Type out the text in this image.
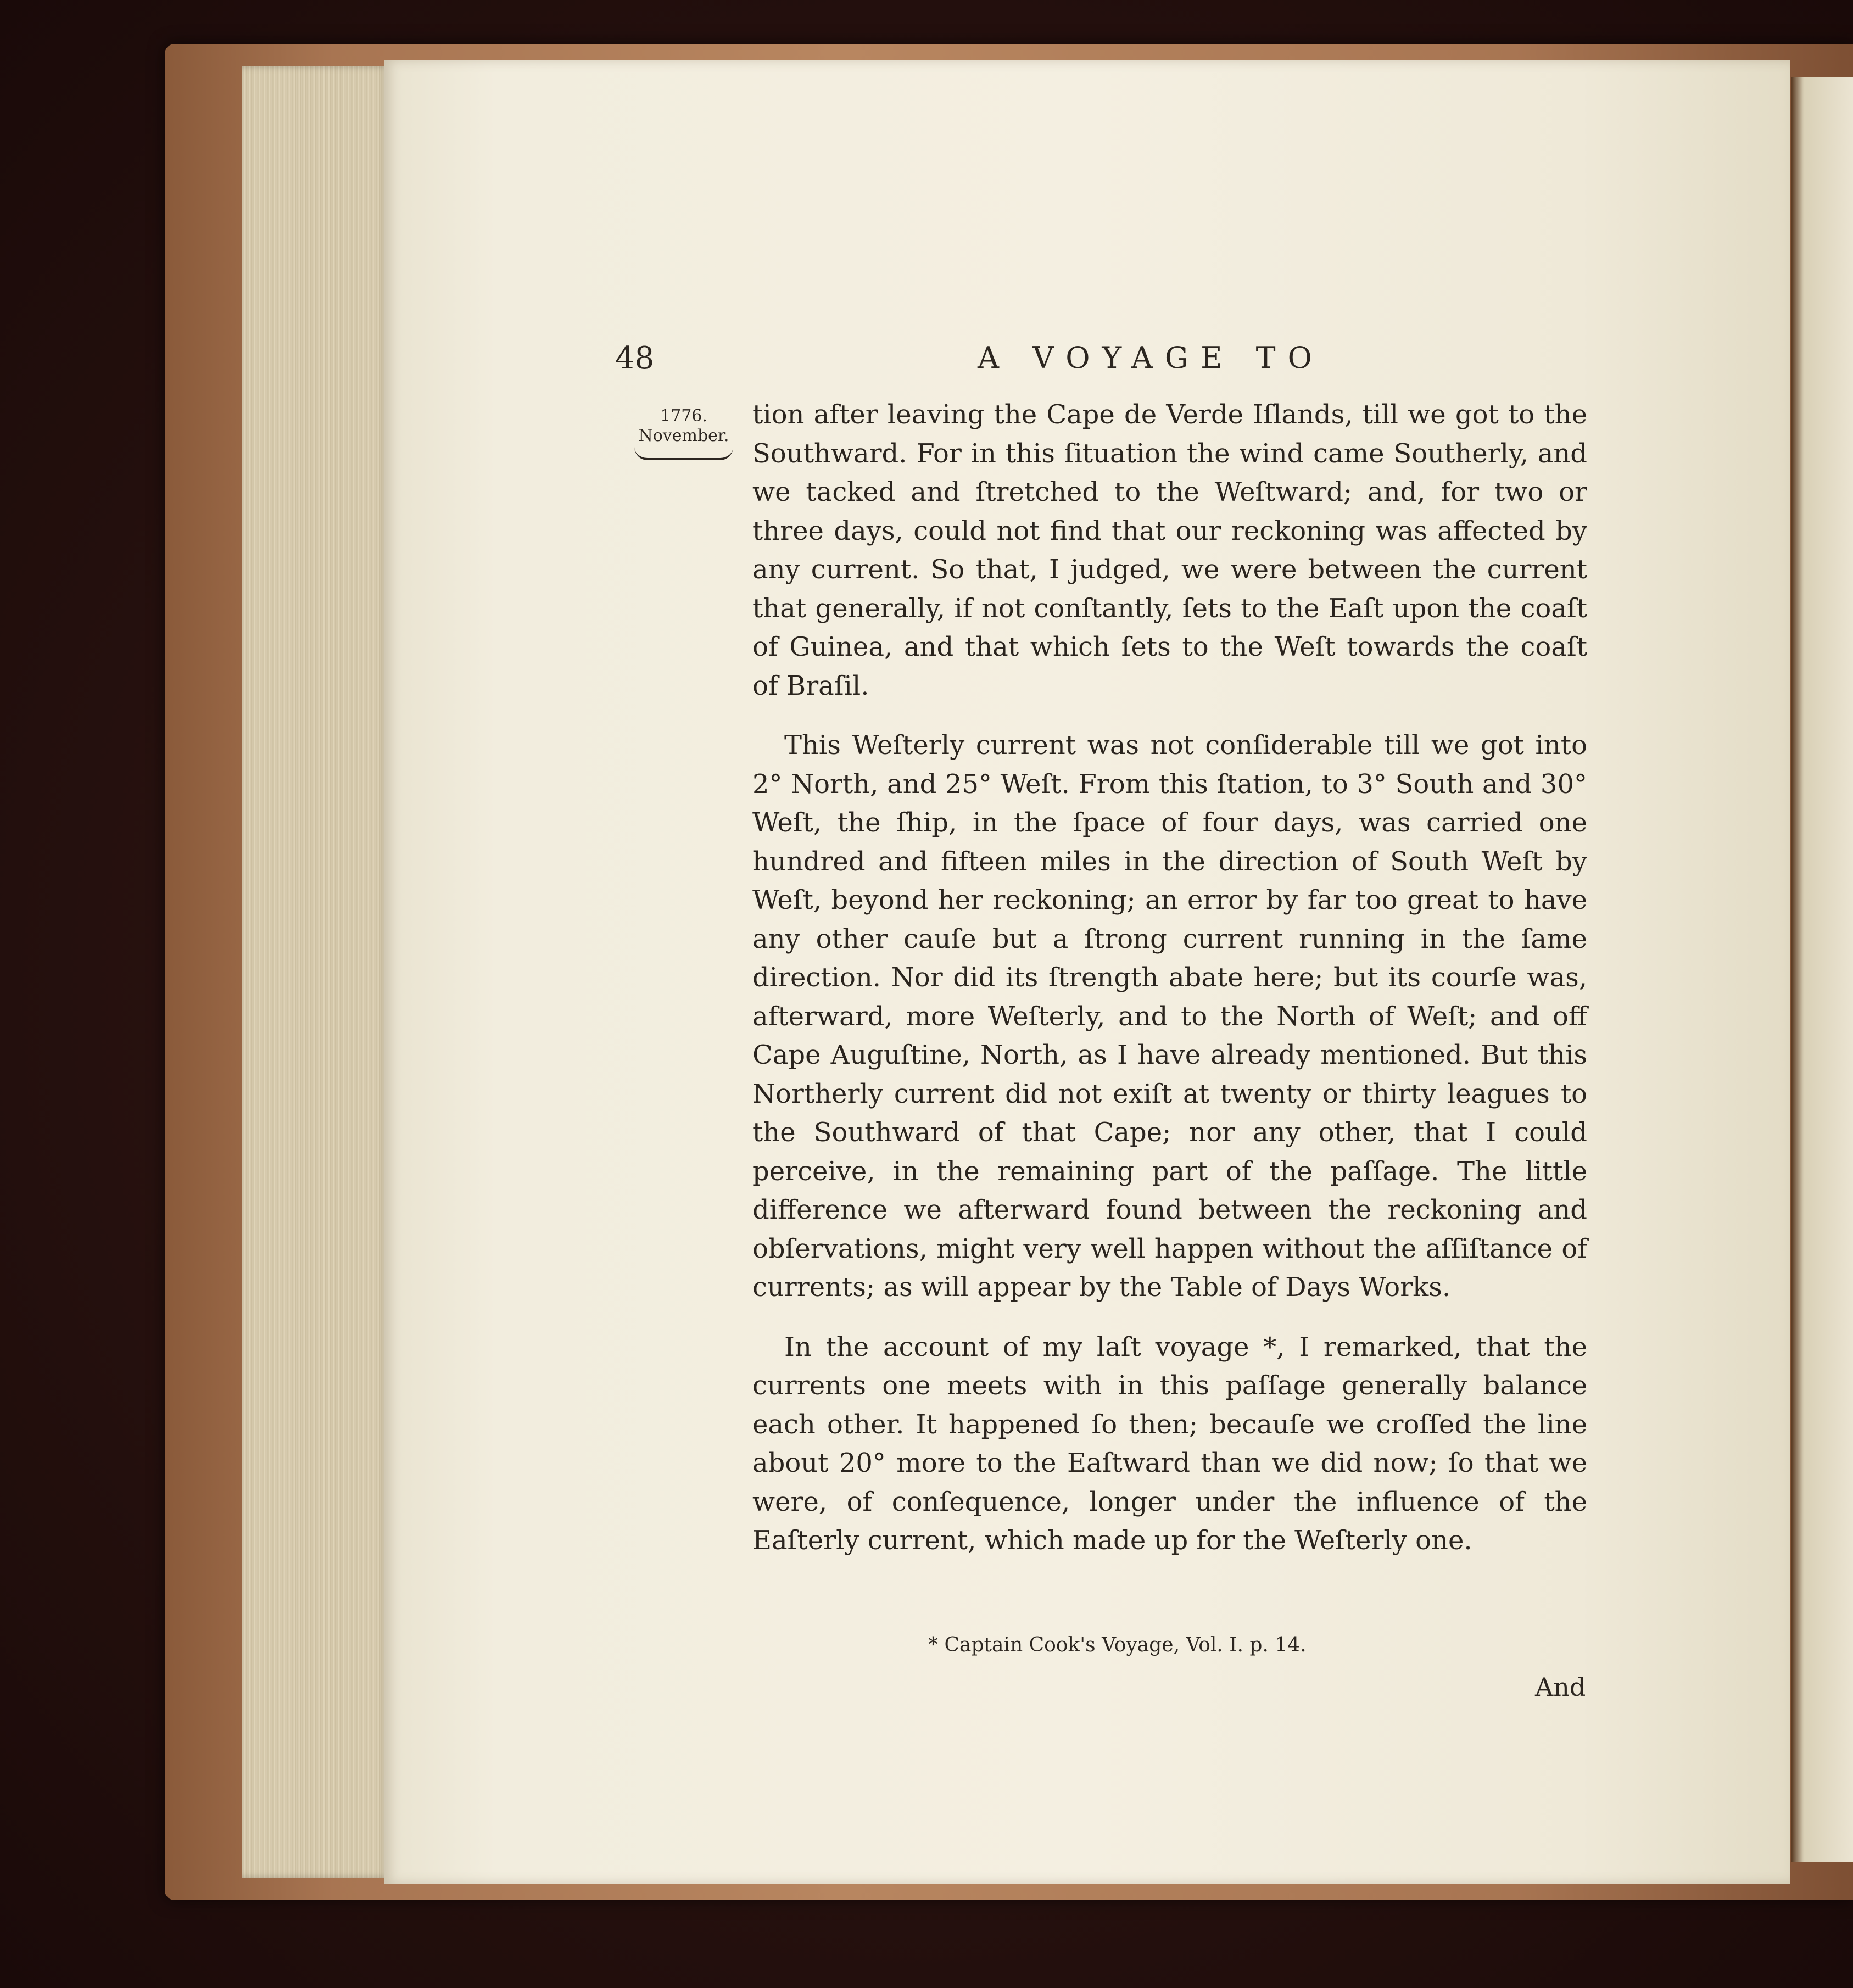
48	A VOYAGE TO
1776.
November.

tion after leaving the Cape de Verde Iſlands, till we got to the Southward. For in this ſituation the wind came Southerly, and we tacked and ſtretched to the Weſtward; and, for two or three days, could not find that our reckoning was affected by any current. So that, I judged, we were between the current that generally, if not conſtantly, ſets to the Eaſt upon the coaſt of Guinea, and that which ſets to the Weſt towards the coaſt of Braſil.

This Weſterly current was not conſiderable till we got into 2° North, and 25° Weſt. From this ſtation, to 3° South and 30° Weſt, the ſhip, in the ſpace of four days, was carried one hundred and fifteen miles in the direction of South Weſt by Weſt, beyond her reckoning; an error by far too great to have any other cauſe but a ſtrong current running in the ſame direction. Nor did its ſtrength abate here; but its courſe was, afterward, more Weſterly, and to the North of Weſt; and off Cape Auguſtine, North, as I have already mentioned. But this Northerly current did not exiſt at twenty or thirty leagues to the Southward of that Cape; nor any other, that I could perceive, in the remaining part of the paſſage. The little difference we afterward found between the reckoning and obſervations, might very well happen without the aſſiſtance of currents; as will appear by the Table of Days Works.

In the account of my laſt voyage *, I remarked, that the currents one meets with in this paſſage generally balance each other. It happened ſo then; becauſe we croſſed the line about 20° more to the Eaſtward than we did now; ſo that we were, of conſequence, longer under the influence of the Eaſterly current, which made up for the Weſterly one.

* Captain Cook's Voyage, Vol. I. p. 14.
And
